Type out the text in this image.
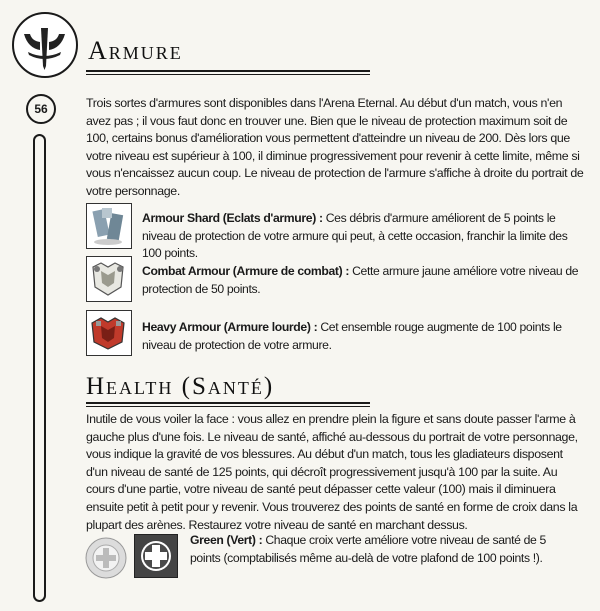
56
Armure

Trois sortes d'armures sont disponibles dans l'Arena Eternal. Au début d'un match, vous n'en avez pas ; il vous faut donc en trouver une. Bien que le niveau de protection maximum soit de 100, certains bonus d'amélioration vous permettent d'atteindre un niveau de 200. Dès lors que votre niveau est supérieur à 100, il diminue progressivement pour revenir à cette limite, même si vous n'encaissez aucun coup. Le niveau de protection de l'armure s'affiche à droite du portrait de votre personnage.

Armour Shard (Eclats d'armure) : Ces débris d'armure améliorent de 5 points le niveau de protection de votre armure qui peut, à cette occasion, franchir la limite des 100 points.
Combat Armour (Armure de combat) : Cette armure jaune améliore votre niveau de protection de 50 points.
Heavy Armour (Armure lourde) : Cet ensemble rouge augmente de 100 points le niveau de protection de votre armure.
Health (Santé)

Inutile de vous voiler la face : vous allez en prendre plein la figure et sans doute passer l'arme à gauche plus d'une fois. Le niveau de santé, affiché au-dessous du portrait de votre personnage, vous indique la gravité de vos blessures. Au début d'un match, tous les gladiateurs disposent d'un niveau de santé de 125 points, qui décroît progressivement jusqu'à 100 par la suite. Au cours d'une partie, votre niveau de santé peut dépasser cette valeur (100) mais il diminuera ensuite petit à petit pour y revenir. Vous trouverez des points de santé en forme de croix dans la plupart des arènes. Restaurez votre niveau de santé en marchant dessus.

Green (Vert) : Chaque croix verte améliore votre niveau de santé de 5 points (comptabilisés même au-delà de votre plafond de 100 points !).
